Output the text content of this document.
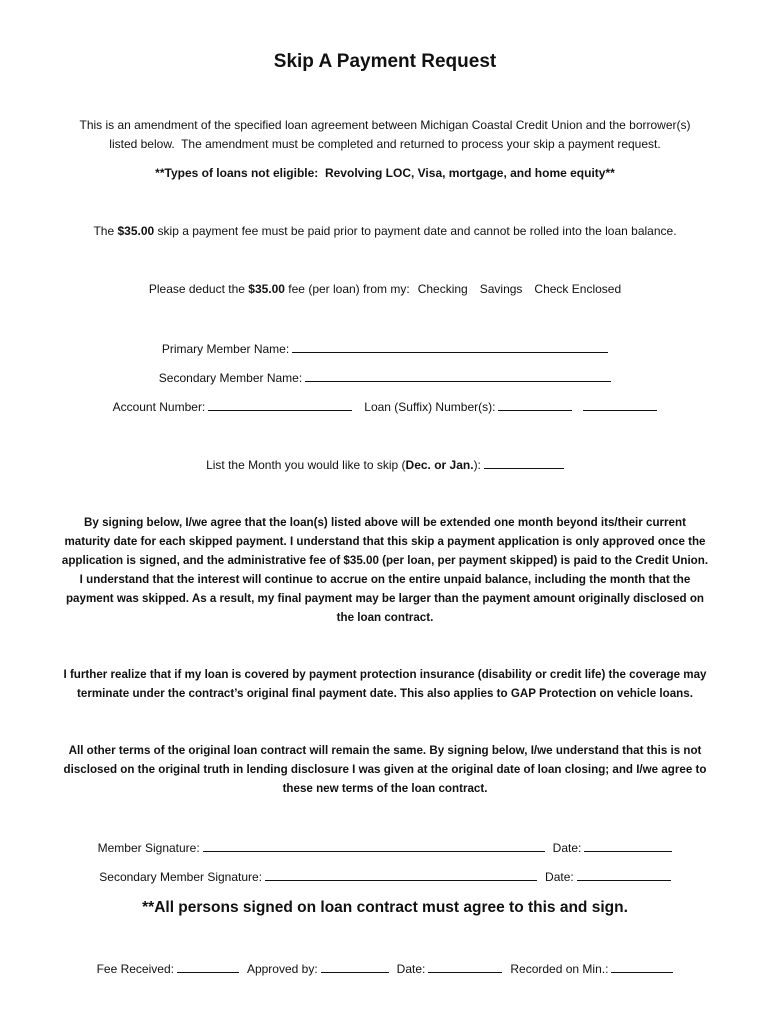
Skip A Payment Request
This is an amendment of the specified loan agreement between Michigan Coastal Credit Union and the borrower(s)
listed below.  The amendment must be completed and returned to process your skip a payment request.
**Types of loans not eligible:  Revolving LOC, Visa, mortgage, and home equity**
The $35.00 skip a payment fee must be paid prior to payment date and cannot be rolled into the loan balance.
Please deduct the $35.00 fee (per loan) from my: Checking Savings Check Enclosed
Primary Member Name:
Secondary Member Name:
Account Number:	Loan (Suffix) Number(s):
List the Month you would like to skip (Dec. or Jan.):
By signing below, I/we agree that the loan(s) listed above will be extended one month beyond its/their current
maturity date for each skipped payment. I understand that this skip a payment application is only approved once the
application is signed, and the administrative fee of $35.00 (per loan, per payment skipped) is paid to the Credit Union.
I understand that the interest will continue to accrue on the entire unpaid balance, including the month that the
payment was skipped. As a result, my final payment may be larger than the payment amount originally disclosed on
the loan contract.
I further realize that if my loan is covered by payment protection insurance (disability or credit life) the coverage may
terminate under the contract’s original final payment date. This also applies to GAP Protection on vehicle loans.
All other terms of the original loan contract will remain the same. By signing below, I/we understand that this is not
disclosed on the original truth in lending disclosure I was given at the original date of loan closing; and I/we agree to
these new terms of the loan contract.
Member Signature:	Date:
Secondary Member Signature:	Date:
**All persons signed on loan contract must agree to this and sign.
Fee Received:	Approved by:	Date:	Recorded on Min.:
